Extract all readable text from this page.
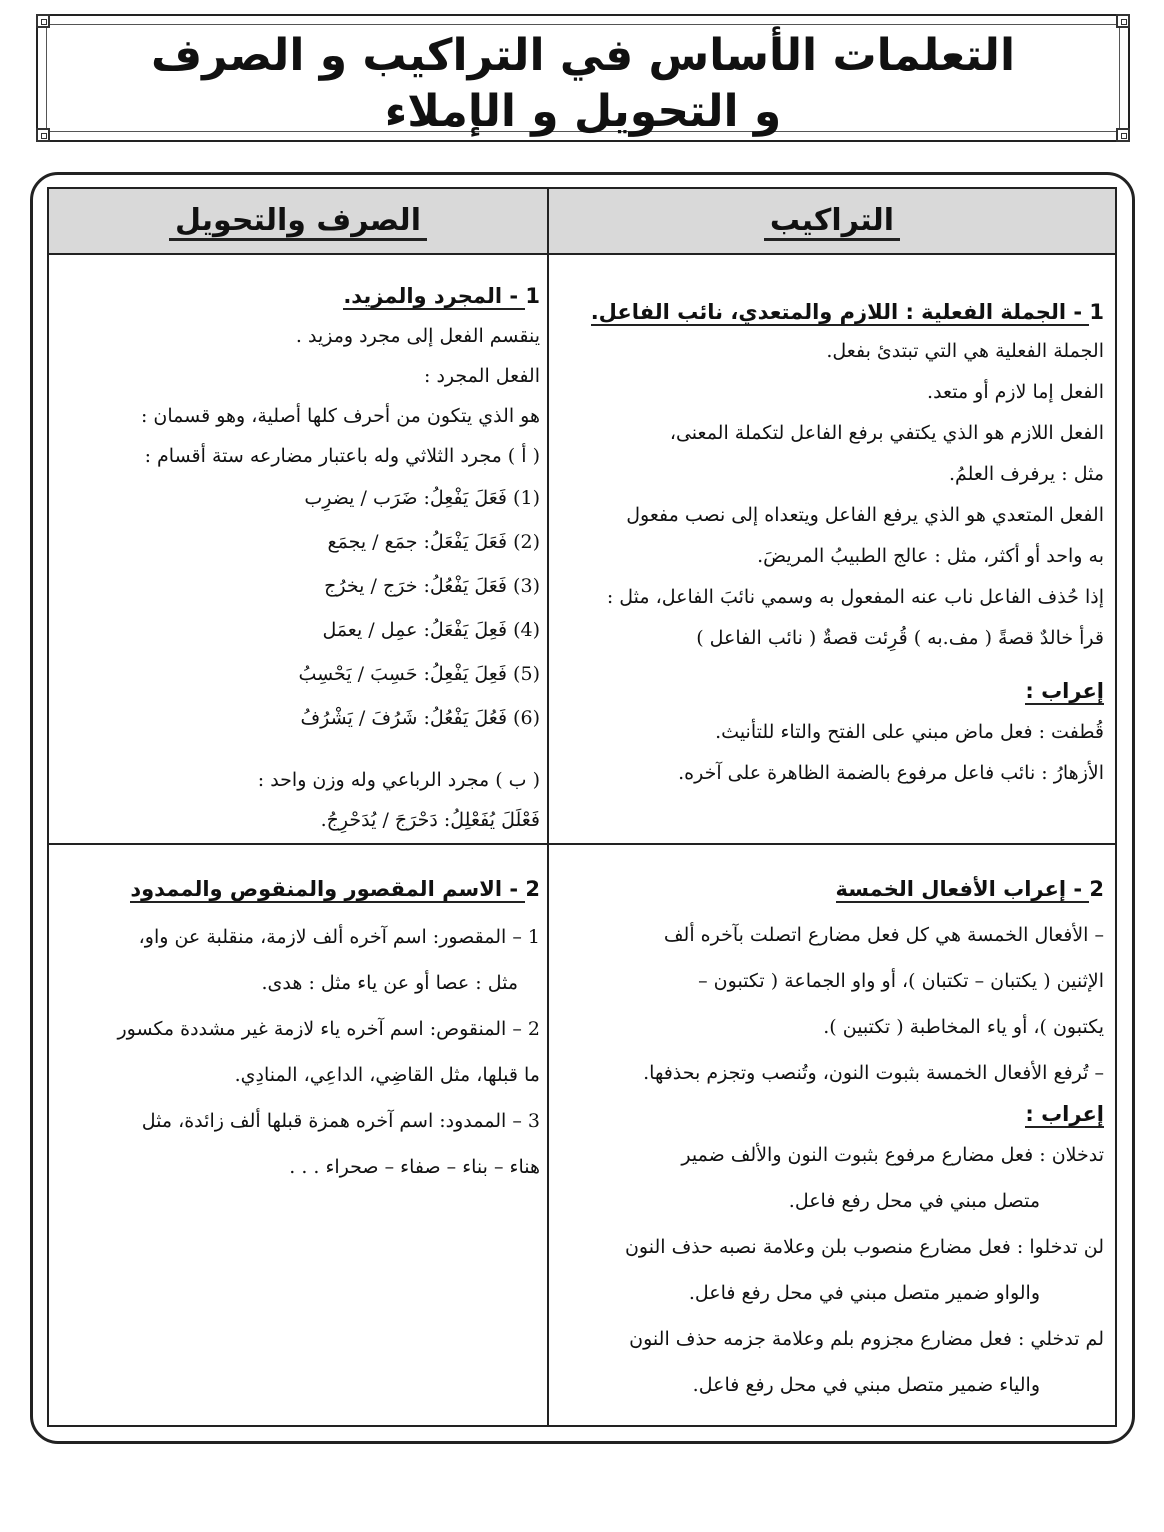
التعلمات الأساس في التراكيب و الصرف
و التحويل و الإملاء
التراكيب
الصرف والتحويل

1 - الجملة الفعلية : اللازم والمتعدي، نائب الفاعل.

الجملة الفعلية هي التي تبتدئ بفعل.

الفعل إما لازم أو متعد.

الفعل اللازم هو الذي يكتفي برفع الفاعل لتكملة المعنى،

مثل : يرفرف العلمُ.

الفعل المتعدي هو الذي يرفع الفاعل ويتعداه إلى نصب مفعول

به واحد أو أكثر، مثل : عالج الطبيبُ المريضَ.

إذا حُذف الفاعل ناب عنه المفعول به وسمي نائبَ الفاعل، مثل :

قرأ خالدٌ قصةً ( مف.به ) قُرِئت قصةٌ ( نائب الفاعل )

إعراب :

قُطفت : فعل ماض مبني على الفتح والتاء للتأنيث.

الأزهارُ : نائب فاعل مرفوع بالضمة الظاهرة على آخره.

2 - إعراب الأفعال الخمسة

– الأفعال الخمسة هي كل فعل مضارع اتصلت بآخره ألف

الإثنين ( يكتبان – تكتبان )، أو واو الجماعة ( تكتبون –

يكتبون )، أو ياء المخاطبة ( تكتبين ).

– تُرفع الأفعال الخمسة بثبوت النون، وتُنصب وتجزم بحذفها.

إعراب :

تدخلان : فعل مضارع مرفوع بثبوت النون والألف ضمير

متصل مبني في محل رفع فاعل.

لن تدخلوا : فعل مضارع منصوب بلن وعلامة نصبه حذف النون

والواو ضمير متصل مبني في محل رفع فاعل.

لم تدخلي : فعل مضارع مجزوم بلم وعلامة جزمه حذف النون

والياء ضمير متصل مبني في محل رفع فاعل.

1 - المجرد والمزيد.

ينقسم الفعل إلى مجرد ومزيد .

الفعل المجرد :

هو الذي يتكون من أحرف كلها أصلية، وهو قسمان :

( أ ) مجرد الثلاثي وله باعتبار مضارعه ستة أقسام :

(1) فَعَلَ يَفْعِلُ: ضَرَب / يضرِب

(2) فَعَلَ يَفْعَلُ: جمَع / يجمَع

(3) فَعَلَ يَفْعُلُ: خرَج / يخرُج

(4) فَعِلَ يَفْعَلُ: عمِل / يعمَل

(5) فَعِلَ يَفْعِلُ: حَسِبَ / يَحْسِبُ

(6) فَعُلَ يَفْعُلُ: شَرُفَ / يَشْرُفُ

( ب ) مجرد الرباعي وله وزن واحد :

فَعْلَلَ يُفَعْلِلُ: دَحْرَجَ / يُدَحْرِجُ.

2 - الاسم المقصور والمنقوص والممدود

1 – المقصور: اسم آخره ألف لازمة، منقلبة عن واو،

مثل : عصا أو عن ياء مثل : هدى.

2 – المنقوص: اسم آخره ياء لازمة غير مشددة مكسور

ما قبلها، مثل القاضِي، الداعِي، المنادِي.

3 – الممدود: اسم آخره همزة قبلها ألف زائدة، مثل

هناء – بناء – صفاء – صحراء . . .
